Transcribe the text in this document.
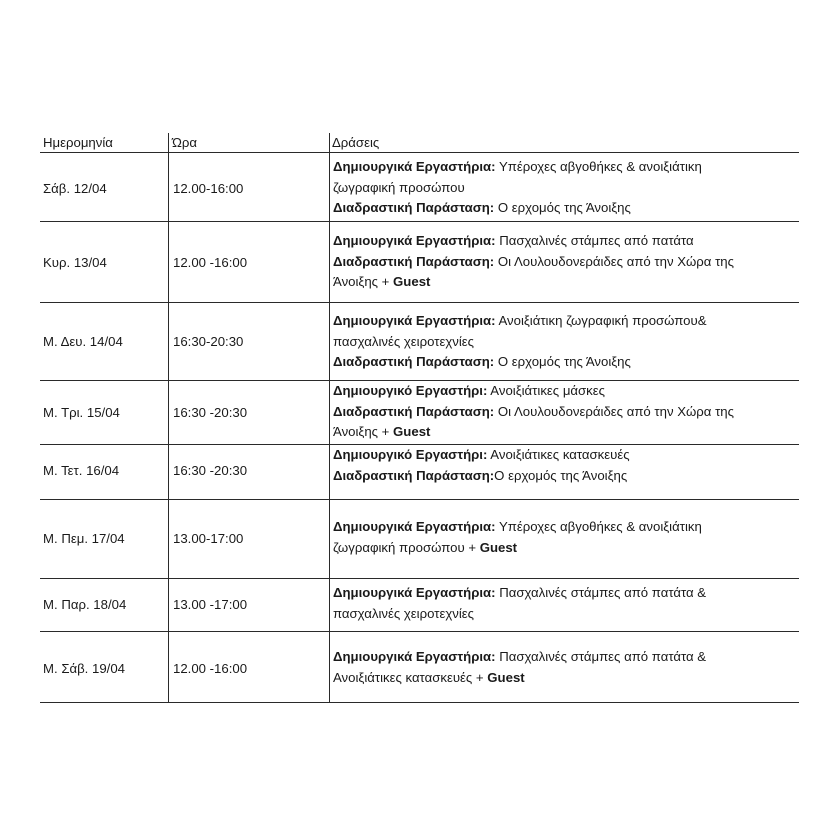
Ημερομηνία	Ώρα	Δράσεις
Σάβ. 12/04	12.00-16:00
Δημιουργικά Εργαστήρια: Υπέροχες αβγοθήκες & ανοιξιάτικη
ζωγραφική προσώπου
Διαδραστική Παράσταση: Ο ερχομός της Άνοιξης
Κυρ. 13/04	12.00 -16:00
Δημιουργικά Εργαστήρια: Πασχαλινές στάμπες από πατάτα
Διαδραστική Παράσταση: Οι Λουλουδονεράιδες από την Χώρα της
Άνοιξης + Guest
Μ. Δευ. 14/04	16:30-20:30
Δημιουργικά Εργαστήρια: Ανοιξιάτικη ζωγραφική προσώπου&
πασχαλινές χειροτεχνίες
Διαδραστική Παράσταση: Ο ερχομός της Άνοιξης
Μ. Τρι. 15/04	16:30 -20:30
Δημιουργικό Εργαστήρι: Ανοιξιάτικες μάσκες
Διαδραστική Παράσταση: Οι Λουλουδονεράιδες από την Χώρα της
Άνοιξης + Guest
Μ. Τετ. 16/04	16:30 -20:30
Δημιουργικό Εργαστήρι: Ανοιξιάτικες κατασκευές
Διαδραστική Παράσταση:Ο ερχομός της Άνοιξης
Μ. Πεμ. 17/04	13.00-17:00
Δημιουργικά Εργαστήρια: Υπέροχες αβγοθήκες & ανοιξιάτικη
ζωγραφική προσώπου + Guest
Μ. Παρ. 18/04	13.00 -17:00
Δημιουργικά Εργαστήρια: Πασχαλινές στάμπες από πατάτα &
πασχαλινές χειροτεχνίες
Μ. Σάβ. 19/04	12.00 -16:00
Δημιουργικά Εργαστήρια: Πασχαλινές στάμπες από πατάτα &
Ανοιξιάτικες κατασκευές + Guest
